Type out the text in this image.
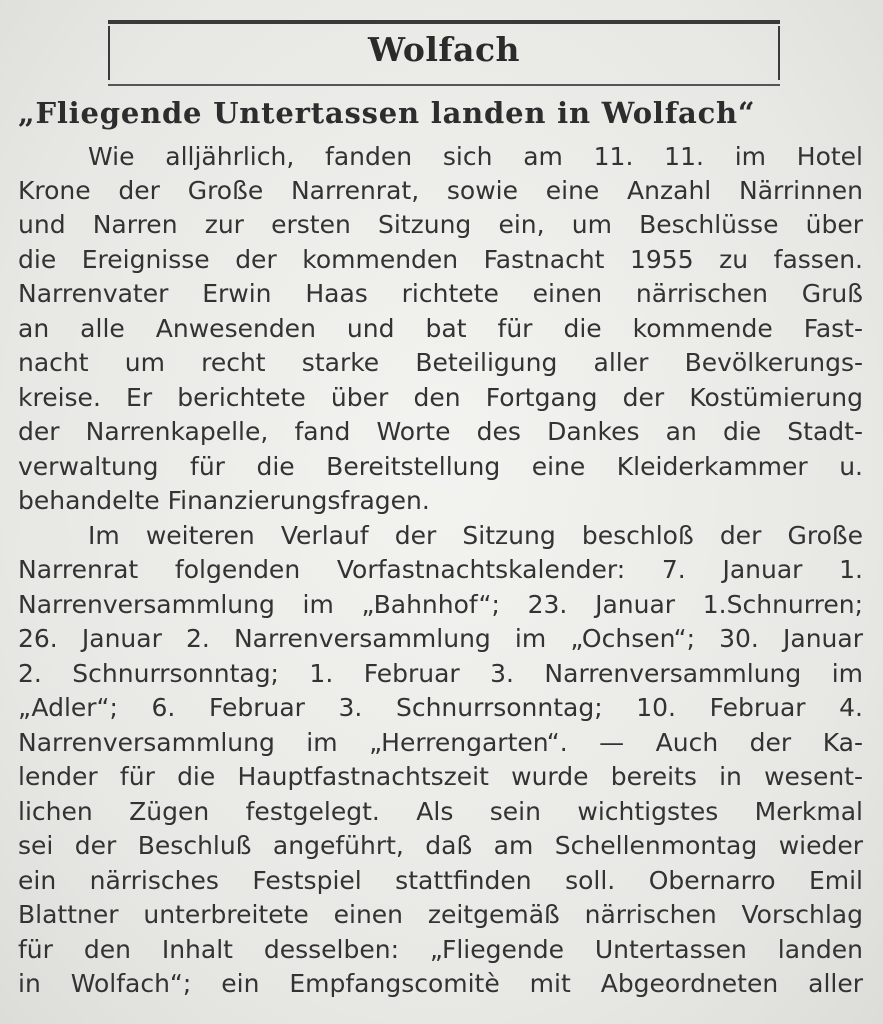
Wolfach
„Fliegende Untertassen landen in Wolfach“
Wie alljährlich, fanden sich am 11. 11. im Hotel
Krone der Große Narrenrat, sowie eine Anzahl Närrinnen
und Narren zur ersten Sitzung ein, um Beschlüsse über
die Ereignisse der kommenden Fastnacht 1955 zu fassen.
Narrenvater Erwin Haas richtete einen närrischen Gruß
an alle Anwesenden und bat für die kommende Fast-
nacht um recht starke Beteiligung aller Bevölkerungs-
kreise. Er berichtete über den Fortgang der Kostümierung
der Narrenkapelle, fand Worte des Dankes an die Stadt-
verwaltung für die Bereitstellung eine Kleiderkammer u.
behandelte Finanzierungsfragen.
Im weiteren Verlauf der Sitzung beschloß der Große
Narrenrat folgenden Vorfastnachtskalender: 7. Januar 1.
Narrenversammlung im „Bahnhof“; 23. Januar 1.Schnurren;
26. Januar 2. Narrenversammlung im „Ochsen“; 30. Januar
2. Schnurrsonntag; 1. Februar 3. Narrenversammlung im
„Adler“; 6. Februar 3. Schnurrsonntag; 10. Februar 4.
Narrenversammlung im „Herrengarten“. — Auch der Ka-
lender für die Hauptfastnachtszeit wurde bereits in wesent-
lichen Zügen festgelegt. Als sein wichtigstes Merkmal
sei der Beschluß angeführt, daß am Schellenmontag wieder
ein närrisches Festspiel stattfinden soll. Obernarro Emil
Blattner unterbreitete einen zeitgemäß närrischen Vorschlag
für den Inhalt desselben: „Fliegende Untertassen landen
in Wolfach“; ein Empfangscomitè mit Abgeordneten aller
